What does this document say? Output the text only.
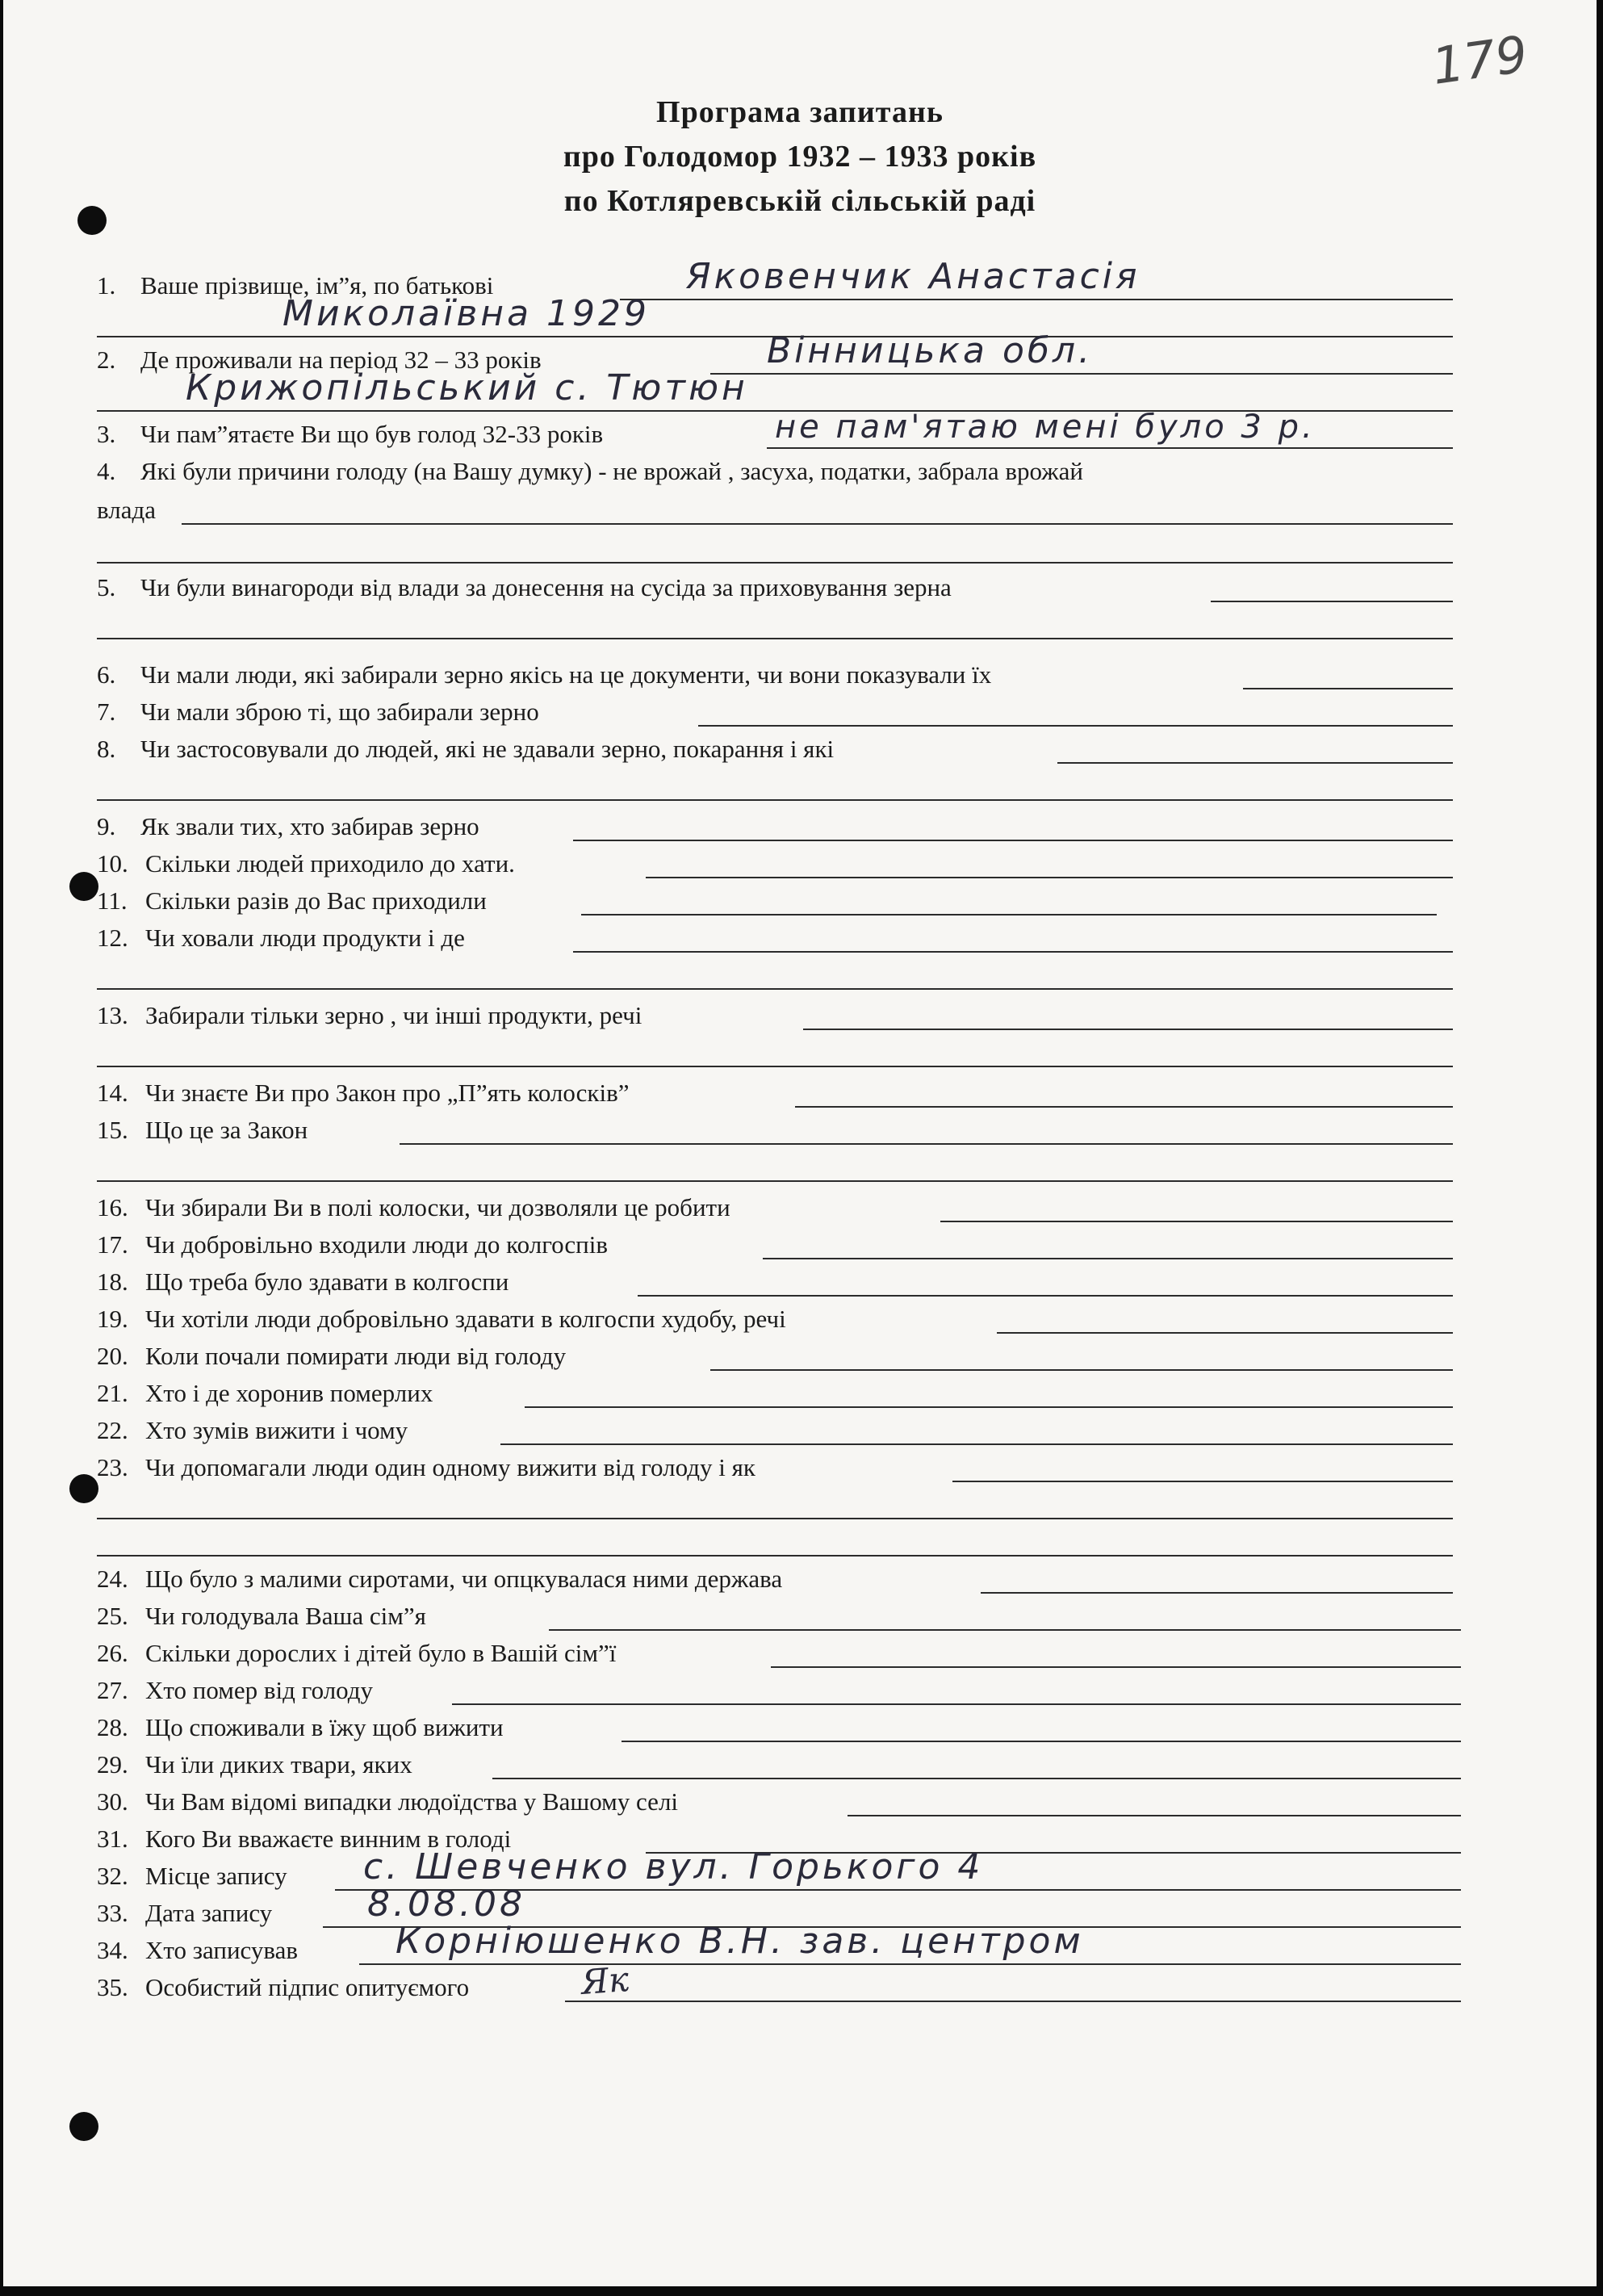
179
Програма запитань
про Голодомор 1932 – 1933 років
по Котляревській сільській раді
1. Ваше прізвище, ім”я, по батькові	Яковенчик Анастасія
Миколаївна 1929
2. Де проживали на період 32 – 33 років	Вінницька обл.
Крижопільський с. Тютюн
3. Чи пам”ятаєте Ви що був голод 32-33 років	не пам'ятаю мені було 3 р.
4. Які були причини голоду (на Вашу думку) - не врожай , засуха, податки, забрала врожай
влада
5. Чи були винагороди від влади за донесення на сусіда за приховування зерна
6. Чи мали люди, які забирали зерно якісь на це документи, чи вони показували їх
7. Чи мали зброю ті, що забирали зерно
8. Чи застосовували до людей, які не здавали зерно, покарання і які
9. Як звали тих, хто забирав зерно
10. Скільки людей приходило до хати.
11. Скільки разів до Вас приходили
12. Чи ховали люди продукти і де
13. Забирали тільки зерно , чи інші продукти, речі
14. Чи знаєте Ви про Закон про „П”ять колосків”
15. Що це за Закон
16. Чи збирали Ви в полі колоски, чи дозволяли це робити
17. Чи добровільно входили люди до колгоспів
18. Що треба було здавати в колгоспи
19. Чи хотіли люди добровільно здавати в колгоспи худобу, речі
20. Коли почали помирати люди від голоду
21. Хто і де хоронив померлих
22. Хто зумів вижити і чому
23. Чи допомагали люди один одному вижити від голоду і як
24. Що було з малими сиротами, чи опцкувалася ними держава
25. Чи голодувала Ваша сім”я
26. Скільки дорослих і дітей було в Вашій сім”ї
27. Хто помер від голоду
28. Що споживали в їжу щоб вижити
29. Чи їли диких твари, яких
30. Чи Вам відомі випадки людоїдства у Вашому селі
31. Кого Ви вважаєте винним в голоді
32. Місце запису с. Шевченко вул. Горького 4
33. Дата запису	8.08.08
34. Хто записував	Корніюшенко В.Н. зав. центром
35. Особистий підпис опитуємого	Як
